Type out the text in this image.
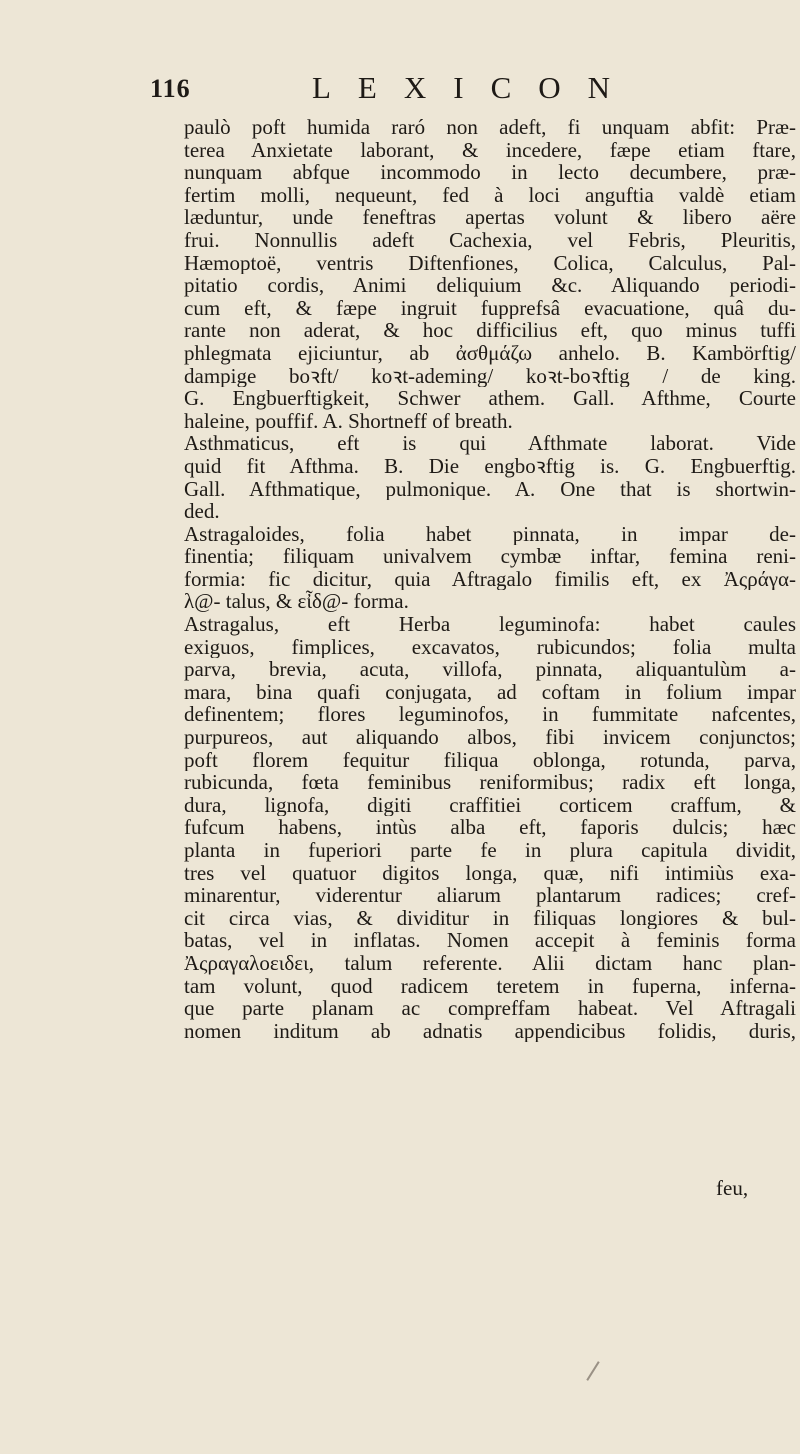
116	LEXICON
paulò poft humida raró non adeft, fi unquam abfit: Præ-
terea Anxietate laborant, & incedere, fæpe etiam ftare,
nunquam abfque incommodo in lecto decumbere, præ-
fertim molli, nequeunt, fed à loci anguftia valdè etiam
læduntur, unde feneftras apertas volunt & libero aëre
frui. Nonnullis adeft Cachexia, vel Febris, Pleuritis,
Hæmoptoë, ventris Diftenfiones, Colica, Calculus, Pal-
pitatio cordis, Animi deliquium &c. Aliquando periodi-
cum eft, & fæpe ingruit fupprefsâ evacuatione, quâ du-
rante non aderat, & hoc difficilius eft, quo minus tuffi
phlegmata ejiciuntur, ab ἀσθμάζω anhelo. B. Kambörftig/
dampige boꝛft/ koꝛt-ademing/ koꝛt-boꝛftig / de king.
G. Engbuerftigkeit, Schwer athem. Gall. Afthme, Courte
haleine, pouffif. A. Shortneff of breath.
Asthmaticus, eft is qui Afthmate laborat. Vide
quid fit Afthma. B. Die engboꝛftig is. G. Engbuerftig.
Gall. Afthmatique, pulmonique. A. One that is shortwin-
ded.
Astragaloides, folia habet pinnata, in impar de-
finentia; filiquam univalvem cymbæ inftar, femina reni-
formia: fic dicitur, quia Aftragalo fimilis eft, ex Ἀςράγα-
λ@- talus, & εἶδ@- forma.
Astragalus, eft Herba leguminofa: habet caules
exiguos, fimplices, excavatos, rubicundos; folia multa
parva, brevia, acuta, villofa, pinnata, aliquantulùm a-
mara, bina quafi conjugata, ad coftam in folium impar
definentem; flores leguminofos, in fummitate nafcentes,
purpureos, aut aliquando albos, fibi invicem conjunctos;
poft florem fequitur filiqua oblonga, rotunda, parva,
rubicunda, fœta feminibus reniformibus; radix eft longa,
dura, lignofa, digiti craffitiei corticem craffum, &
fufcum habens, intùs alba eft, faporis dulcis; hæc
planta in fuperiori parte fe in plura capitula dividit,
tres vel quatuor digitos longa, quæ, nifi intimiùs exa-
minarentur, viderentur aliarum plantarum radices; cref-
cit circa vias, & dividitur in filiquas longiores & bul-
batas, vel in inflatas. Nomen accepit à feminis forma
Ἀςραγαλοειδει, talum referente. Alii dictam hanc plan-
tam volunt, quod radicem teretem in fuperna, inferna-
que parte planam ac compreffam habeat. Vel Aftragali
nomen inditum ab adnatis appendicibus folidis, duris,
feu,
